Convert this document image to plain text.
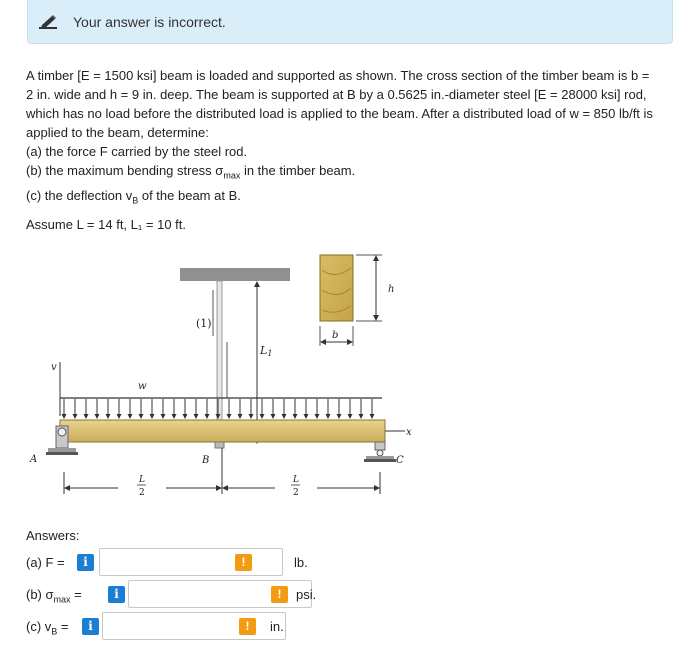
Your answer is incorrect.

A timber [E = 1500 ksi] beam is loaded and supported as shown. The cross section of the timber beam is b =

2 in. wide and h = 9 in. deep. The beam is supported at B by a 0.5625 in.-diameter steel [E = 28000 ksi] rod,

which has no load before the distributed load is applied to the beam. After a distributed load of w = 850 lb/ft is

applied to the beam, determine:

(a) the force F carried by the steel rod.

(b) the maximum bending stress $\sigma_{max}$ in the timber beam.

(c) the deflection $v_B$ of the beam at B.

Assume L = 14 ft, L₁ = 10 ft.
(1)
L1
h
b
v
w
x
A	B	C
L
2
L
2
Answers:
(a) F =	i	!	lb.
(b) $\sigma_{max}$ =	i	!	psi.
(c) $v_B$ =	i	!	in.
